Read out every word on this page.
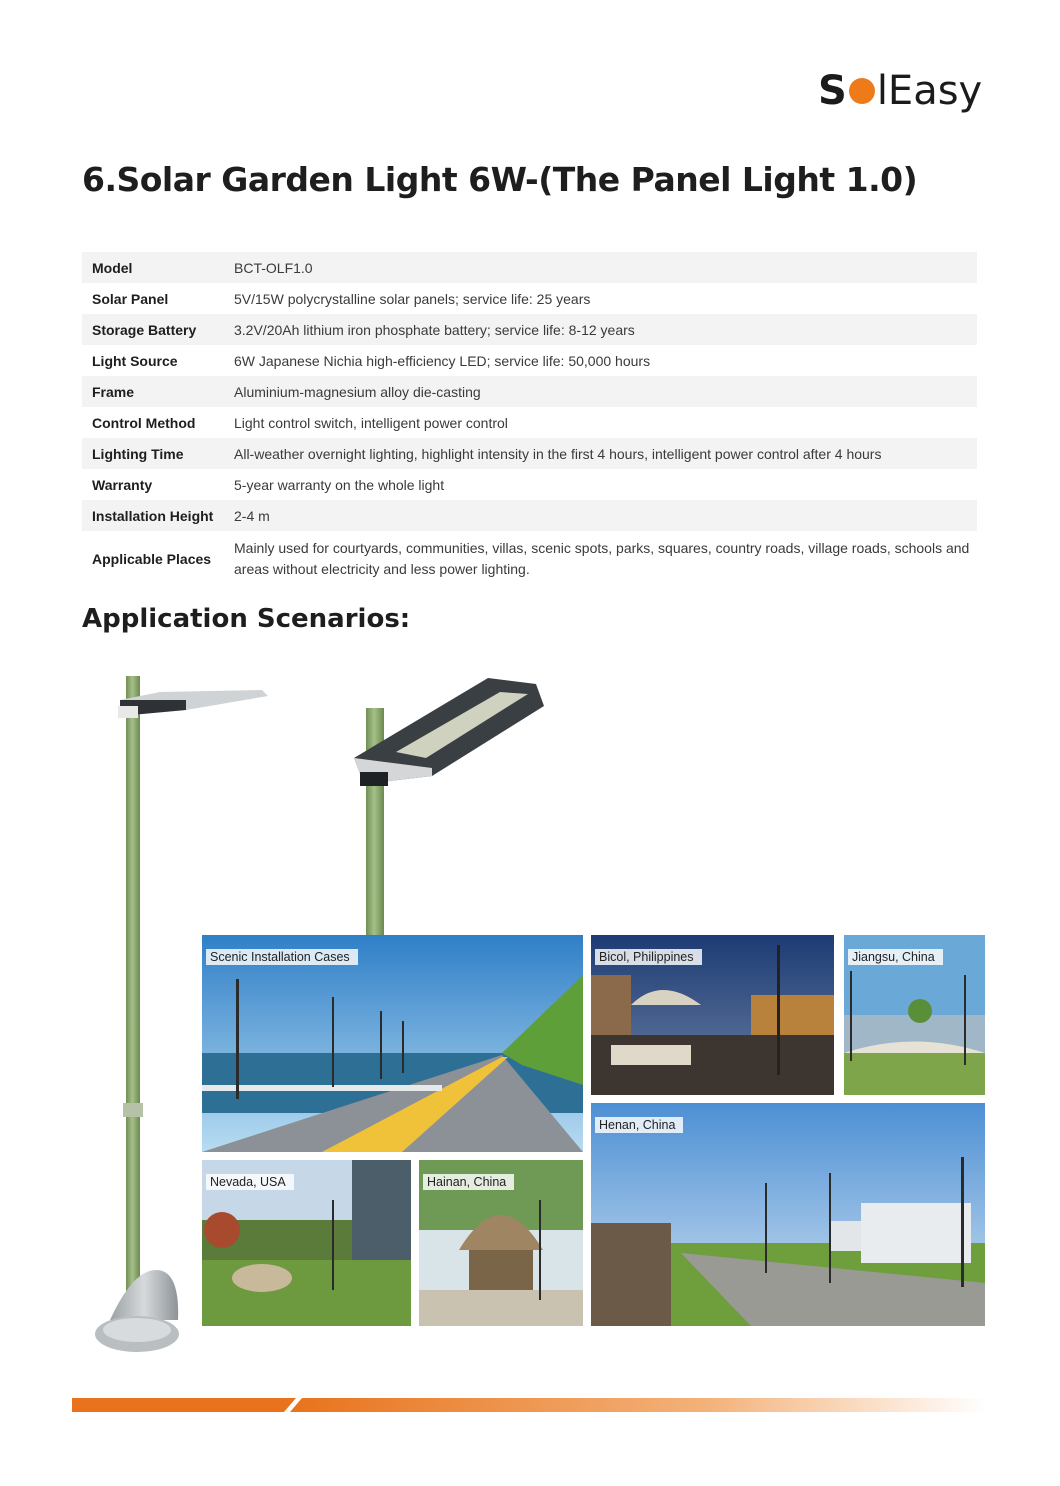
S lEasy
6.Solar Garden Light 6W-(The Panel Light 1.0)
Model	BCT-OLF1.0
Solar Panel	5V/15W polycrystalline solar panels; service life: 25 years
Storage Battery	3.2V/20Ah lithium iron phosphate battery; service life: 8-12 years
Light Source	6W Japanese Nichia high-efficiency LED; service life: 50,000 hours
Frame	Aluminium-magnesium alloy die-casting
Control Method	Light control switch, intelligent power control
Lighting Time	All-weather overnight lighting, highlight intensity in the first 4 hours, intelligent power control after 4 hours
Warranty	5-year warranty on the whole light
Installation Height	2-4 m
Applicable Places	Mainly used for courtyards, communities, villas, scenic spots, parks, squares, country roads, village roads, schools and areas without electricity and less power lighting.
Application Scenarios:
Scenic Installation Cases	Bicol, Philippines	Jiangsu, China
Nevada, USA	Hainan, China
Henan, China
